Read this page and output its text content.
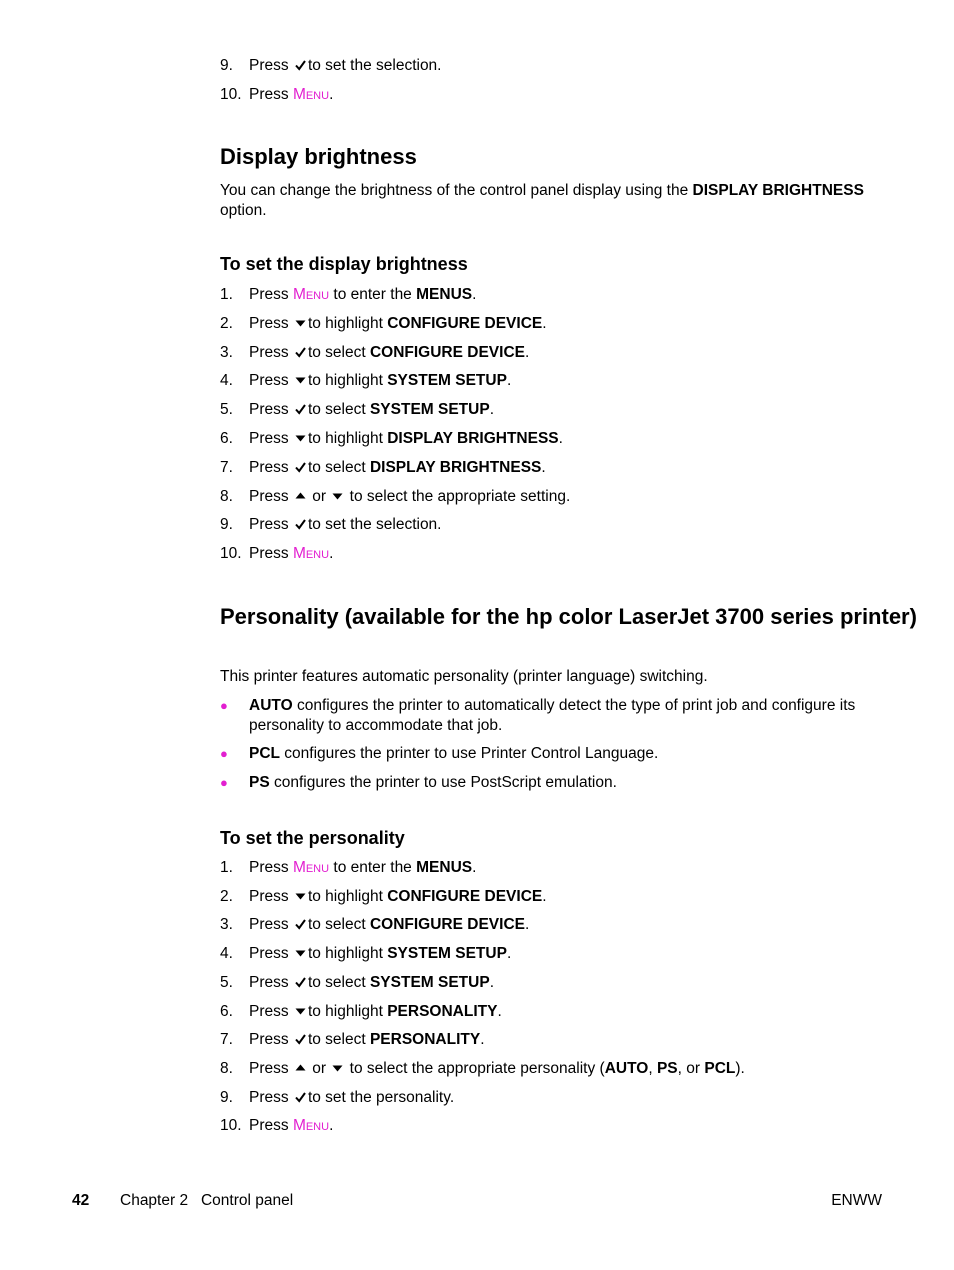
9. Press to set the selection.
10. Press Menu.
Display brightness

You can change the brightness of the control panel display using the DISPLAY BRIGHTNESS option.

To set the display brightness
1. Press Menu to enter the MENUS.
2. Press to highlight CONFIGURE DEVICE.
3. Press to select CONFIGURE DEVICE.
4. Press to highlight SYSTEM SETUP.
5. Press to select SYSTEM SETUP.
6. Press to highlight DISPLAY BRIGHTNESS.
7. Press to select DISPLAY BRIGHTNESS.
8. Press or to select the appropriate setting.
9. Press to set the selection.
10. Press Menu.
Personality (available for the hp color LaserJet 3700 series printer)

This printer features automatic personality (printer language) switching.

● AUTO configures the printer to automatically detect the type of print job and configure its personality to accommodate that job.
● PCL configures the printer to use Printer Control Language.
● PS configures the printer to use PostScript emulation.
To set the personality
1. Press Menu to enter the MENUS.
2. Press to highlight CONFIGURE DEVICE.
3. Press to select CONFIGURE DEVICE.
4. Press to highlight SYSTEM SETUP.
5. Press to select SYSTEM SETUP.
6. Press to highlight PERSONALITY.
7. Press to select PERSONALITY.
8. Press or to select the appropriate personality (AUTO, PS, or PCL).
9. Press to set the personality.
10. Press Menu.
42 Chapter 2   Control panel	ENWW
